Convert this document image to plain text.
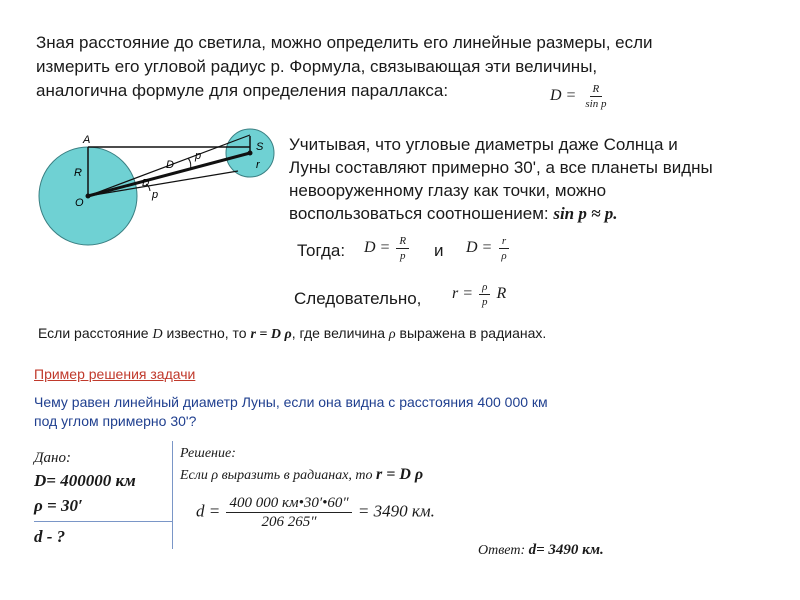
Зная расстояние до светила, можно определить его линейные размеры, если
измерить его угловой радиус p. Формула, связывающая эти величины,
аналогична формуле для определения параллакса:	$D = \frac{R}{\text{sin p}}$
A
R
O
D
p
D
p
S
r
Учитывая, что угловые диаметры даже Солнца и
Луны составляют примерно 30', а все планеты видны
невооруженному глазу как точки, можно
воспользоваться соотношением: sin p ≈ p.
Тогда: $D = \frac{R}{p}$ и $D = \frac{r}{\rho}$
Следовательно, $r = \frac{\rho}{p}$ R
Если расстояние D известно, то r = D ρ, где величина ρ выражена в радианах.
Пример решения задачи
Чему равен линейный диаметр Луны, если она видна с расстояния 400 000 км
под углом примерно 30'?
Дано:
D= 400000 км
ρ = 30′
d - ?
Решение:
Если ρ выразить в радианах, то r = D ρ
$d = \frac{400 000 км•30'•60''}{206 265''} = 3490$ км.
Ответ: d= 3490 км.
